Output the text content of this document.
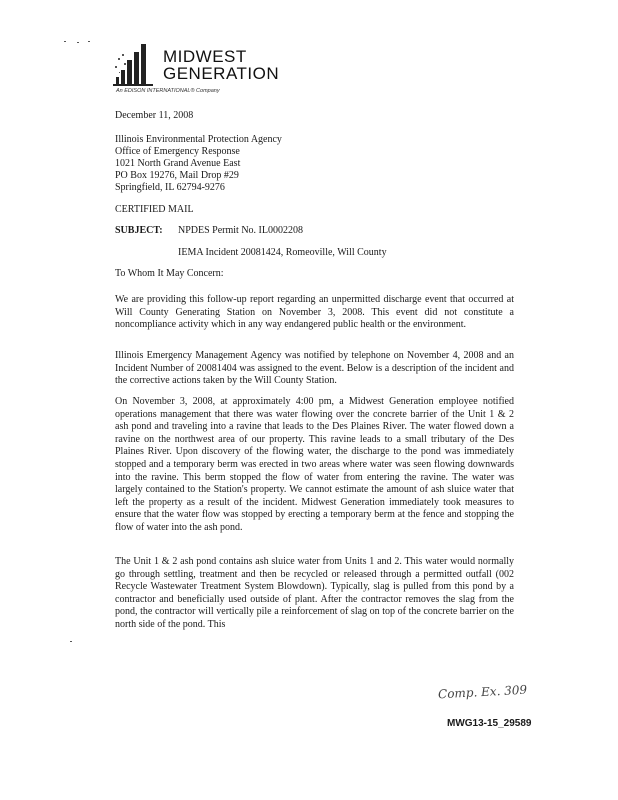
MIDWEST
GENERATION
An EDISON INTERNATIONAL® Company
December 11, 2008
Illinois Environmental Protection Agency
Office of Emergency Response
1021 North Grand Avenue East
PO Box 19276, Mail Drop #29
Springfield, IL 62794-9276
CERTIFIED MAIL
SUBJECT: NPDES Permit No. IL0002208
IEMA Incident 20081424, Romeoville, Will County
To Whom It May Concern:
We are providing this follow-up report regarding an unpermitted discharge event that occurred at Will County Generating Station on November 3, 2008. This event did not constitute a noncompliance activity which in any way endangered public health or the environment.
Illinois Emergency Management Agency was notified by telephone on November 4, 2008 and an Incident Number of 20081404 was assigned to the event. Below is a description of the incident and the corrective actions taken by the Will County Station.
On November 3, 2008, at approximately 4:00 pm, a Midwest Generation employee notified operations management that there was water flowing over the concrete barrier of the Unit 1 & 2 ash pond and traveling into a ravine that leads to the Des Plaines River. The water flowed down a ravine on the northwest area of our property. This ravine leads to a small tributary of the Des Plaines River. Upon discovery of the flowing water, the discharge to the pond was immediately stopped and a temporary berm was erected in two areas where water was seen flowing downwards into the ravine. This berm stopped the flow of water from entering the ravine. The water was largely contained to the Station's property. We cannot estimate the amount of ash sluice water that left the property as a result of the incident. Midwest Generation immediately took measures to ensure that the water flow was stopped by erecting a temporary berm at the fence and stopping the flow of water into the ash pond.
The Unit 1 & 2 ash pond contains ash sluice water from Units 1 and 2. This water would normally go through settling, treatment and then be recycled or released through a permitted outfall (002 Recycle Wastewater Treatment System Blowdown). Typically, slag is pulled from this pond by a contractor and beneficially used outside of plant. After the contractor removes the slag from the pond, the contractor will vertically pile a reinforcement of slag on top of the concrete barrier on the north side of the pond. This
Comp. Ex. 309
MWG13-15_29589
